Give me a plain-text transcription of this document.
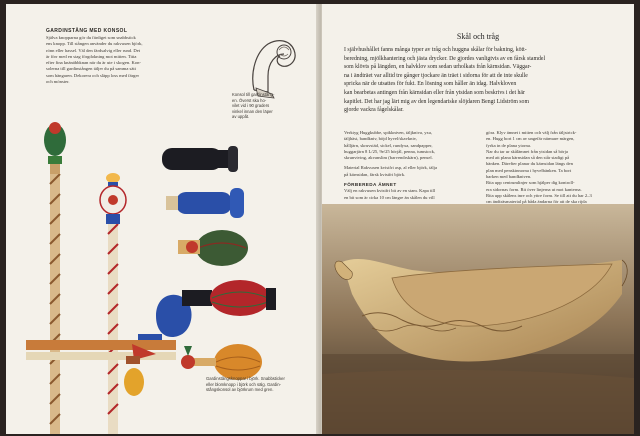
GARDINSTÅNG MED KONSOL
Själva knopparna gör du färdiget som snabbstick
ens knopp. Till stången använder du rakvuxen björk,
rönn eller hassel. Väl den färdsalvig eller rund. Det
är förr med en stag förgdokning mot mitten. Titta
efter fina knänäbbknan när du är ute i skogen. Kon-
solerna till gardinstången täljer du på samma sätt
som hängaren. Dekorera och släpp loss med färger
och mönster.
Konsol till gardinstäng-
en. Överst ska ho-
vilet vid i 90 graders
vinkel innan den läper
av uppåt.
Gardinstångsknoppar i björk. Snabbsticker
eller blomknopp i björk och sälg. Gardin-
stångskonsol av björkrum med gren.
Skål och tråg
I självhushållet fanns många typer av tråg och huggna skålar för bakning, kött-
beredning, mjölkhantering och jästa drycker. De gjordes vanligtvis av en fårsk stamdel
som klövts på längden, en halvklov som sedan urholkats från kärnsidan. Väggar-
na i ändträet var alltid tre gånger tjockare än träet i sidorna för att de inte skulle
spricka när de utsattes för fukt. En lösning som håller än idag. Halvkloven
kan bearbetas antingen från kärnsidan eller från ytsidan som beskrivs i det här
kapitlet. Det har jag lärt mig av den legendariske slöjdaren Bengt Lidström som
gjorde vackra fågelskålar.
Verktyg Huggkubbe, spikkniven, täljkniva, yxa,
täljhäst, bandkniv, böjd hyvel/skavkniv,
hålljärn, skruvstäd, sickel, rundyxa, sandpapper,
huggarjärn 8 L/25, 9e/25 hörjål, penna, tumstock,
skrunvtving, akvanslim (barvendrskärn), pensel.
Material Rakvuxen kvistfri asp, al eller björk, tälja
på kärnsidan, färsk kvistfri björk.
FÖRBEREDA ÄMNET
Välj en rakvuxen kvistfri bit av en stam. Kapa till
en bit som är cirka 10 cm längre än skålen du vill
göra. Klyv ämnet i mitten och välj från täljstrick-
en. Hugg bort 1 cm av ungefär närmare märgen,
fyrka in de plana ytorna.
Nar du tar ur skålämnet från ytsidan så börja
med att plana kärnsidan så den står stadigt på
bänken. Därefter planar du kärnsidan längs den
plan med penskinnorna i hyvelbänken. Ta bort
barken med bandkniven.
Rita upp centrumlinjer som hjälper dig kontroll-
era sidornas form. Rit över linjerna ut mot kanterna.
Rita upp skålens inre och yttre form. Se till att du har 2–3
cm ändträsmaterial på båda ändarna för att de ska rijda
